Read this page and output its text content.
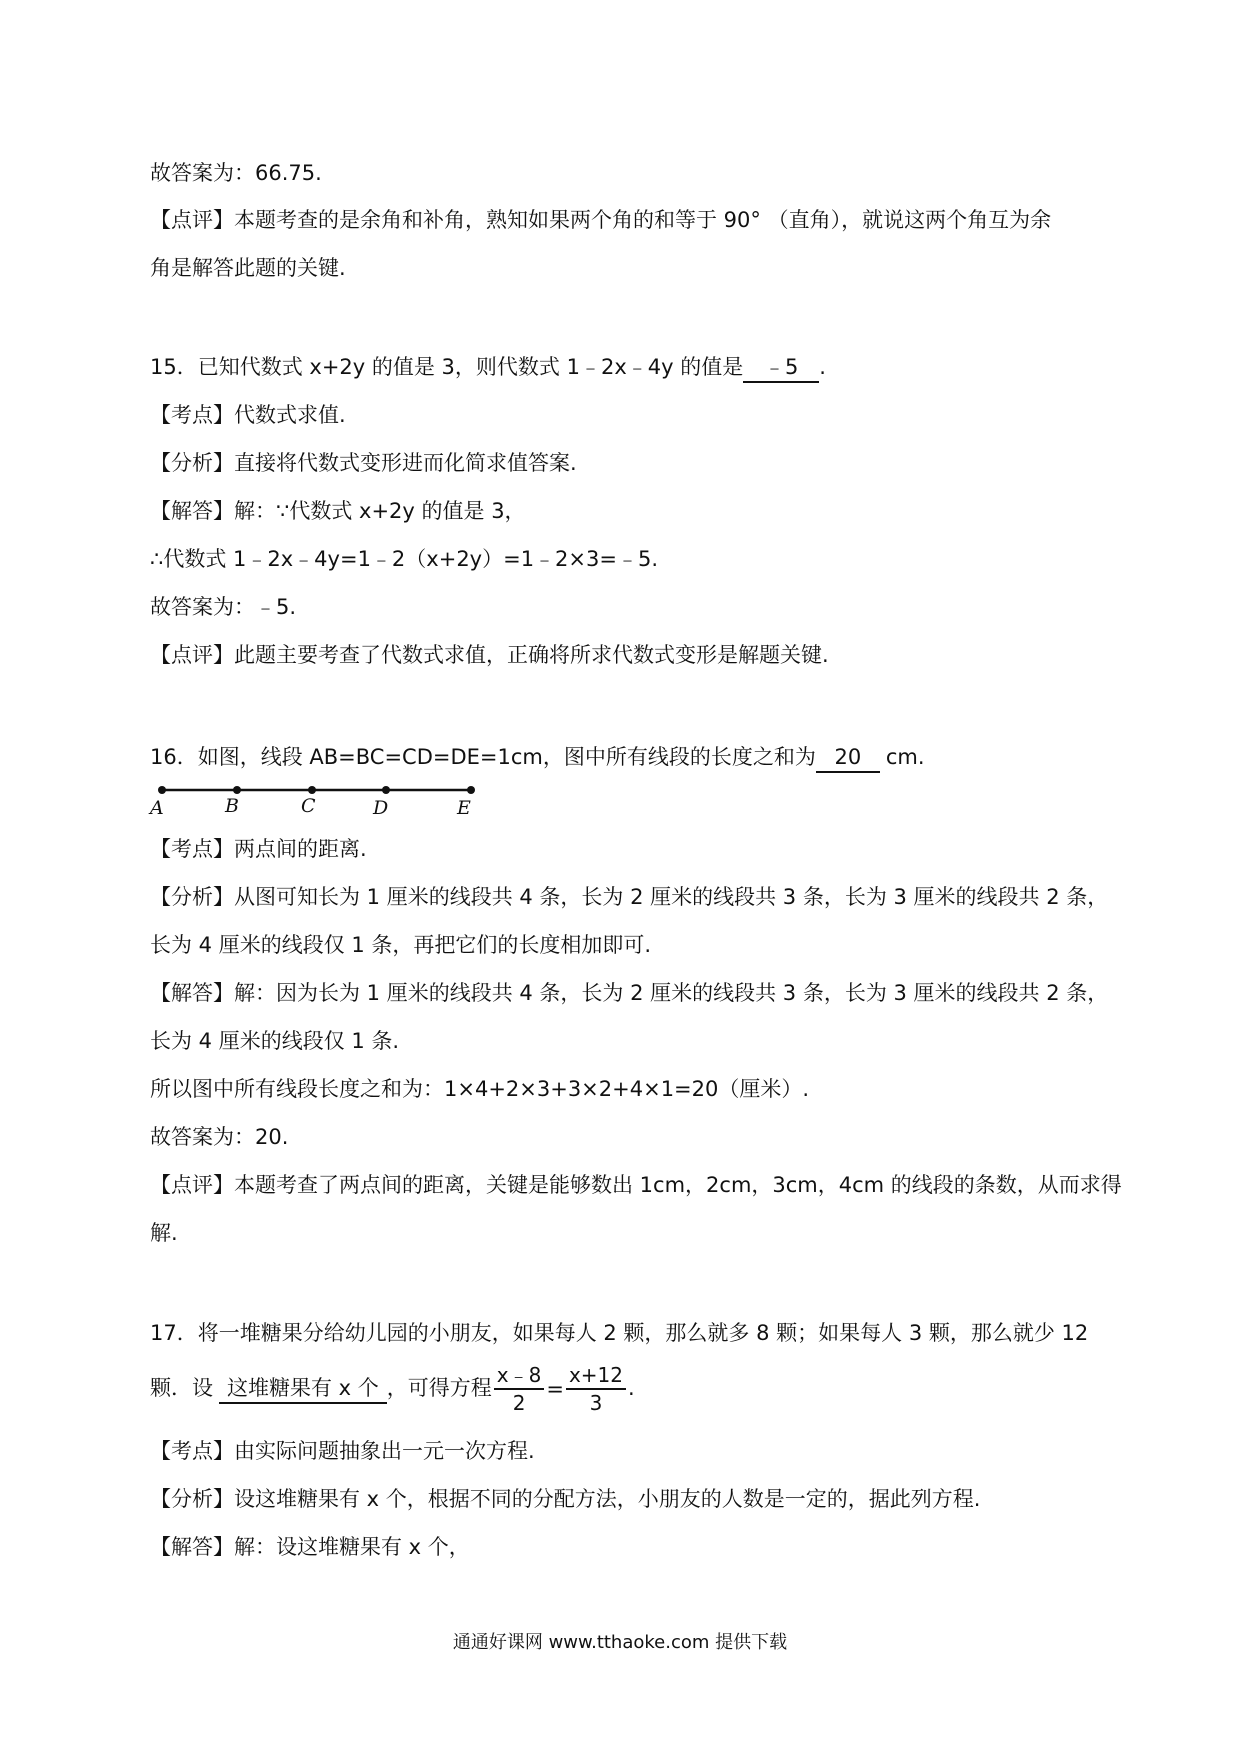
故答案为：66.75.
【点评】本题考查的是余角和补角，熟知如果两个角的和等于 90° （直角），就说这两个角互为余
角是解答此题的关键.
15．已知代数式 x+2y 的值是 3，则代数式 1﹣2x﹣4y 的值是 ﹣5 .
【考点】代数式求值.
【分析】直接将代数式变形进而化简求值答案.
【解答】解：∵代数式 x+2y 的值是 3，
∴代数式 1﹣2x﹣4y=1﹣2（x+2y）=1﹣2×3=﹣5.
故答案为：﹣5.
【点评】此题主要考查了代数式求值，正确将所求代数式变形是解题关键.
16．如图，线段 AB=BC=CD=DE=1cm，图中所有线段的长度之和为 20 cm.
A	B	C	D	E
【考点】两点间的距离.
【分析】从图可知长为 1 厘米的线段共 4 条，长为 2 厘米的线段共 3 条，长为 3 厘米的线段共 2 条，
长为 4 厘米的线段仅 1 条，再把它们的长度相加即可.
【解答】解：因为长为 1 厘米的线段共 4 条，长为 2 厘米的线段共 3 条，长为 3 厘米的线段共 2 条，
长为 4 厘米的线段仅 1 条.
所以图中所有线段长度之和为：1×4+2×3+3×2+4×1=20（厘米）.
故答案为：20.
【点评】本题考查了两点间的距离，关键是能够数出 1cm，2cm，3cm，4cm 的线段的条数，从而求得
解.
17．将一堆糖果分给幼儿园的小朋友，如果每人 2 颗，那么就多 8 颗；如果每人 3 颗，那么就少 12
颗．设 这堆糖果有 x 个 ，可得方程 $\frac{x﹣8}{2} = \frac{x+12}{3}$ .
【考点】由实际问题抽象出一元一次方程.
【分析】设这堆糖果有 x 个，根据不同的分配方法，小朋友的人数是一定的，据此列方程.
【解答】解：设这堆糖果有 x 个，
通通好课网 www.tthaoke.com 提供下载
